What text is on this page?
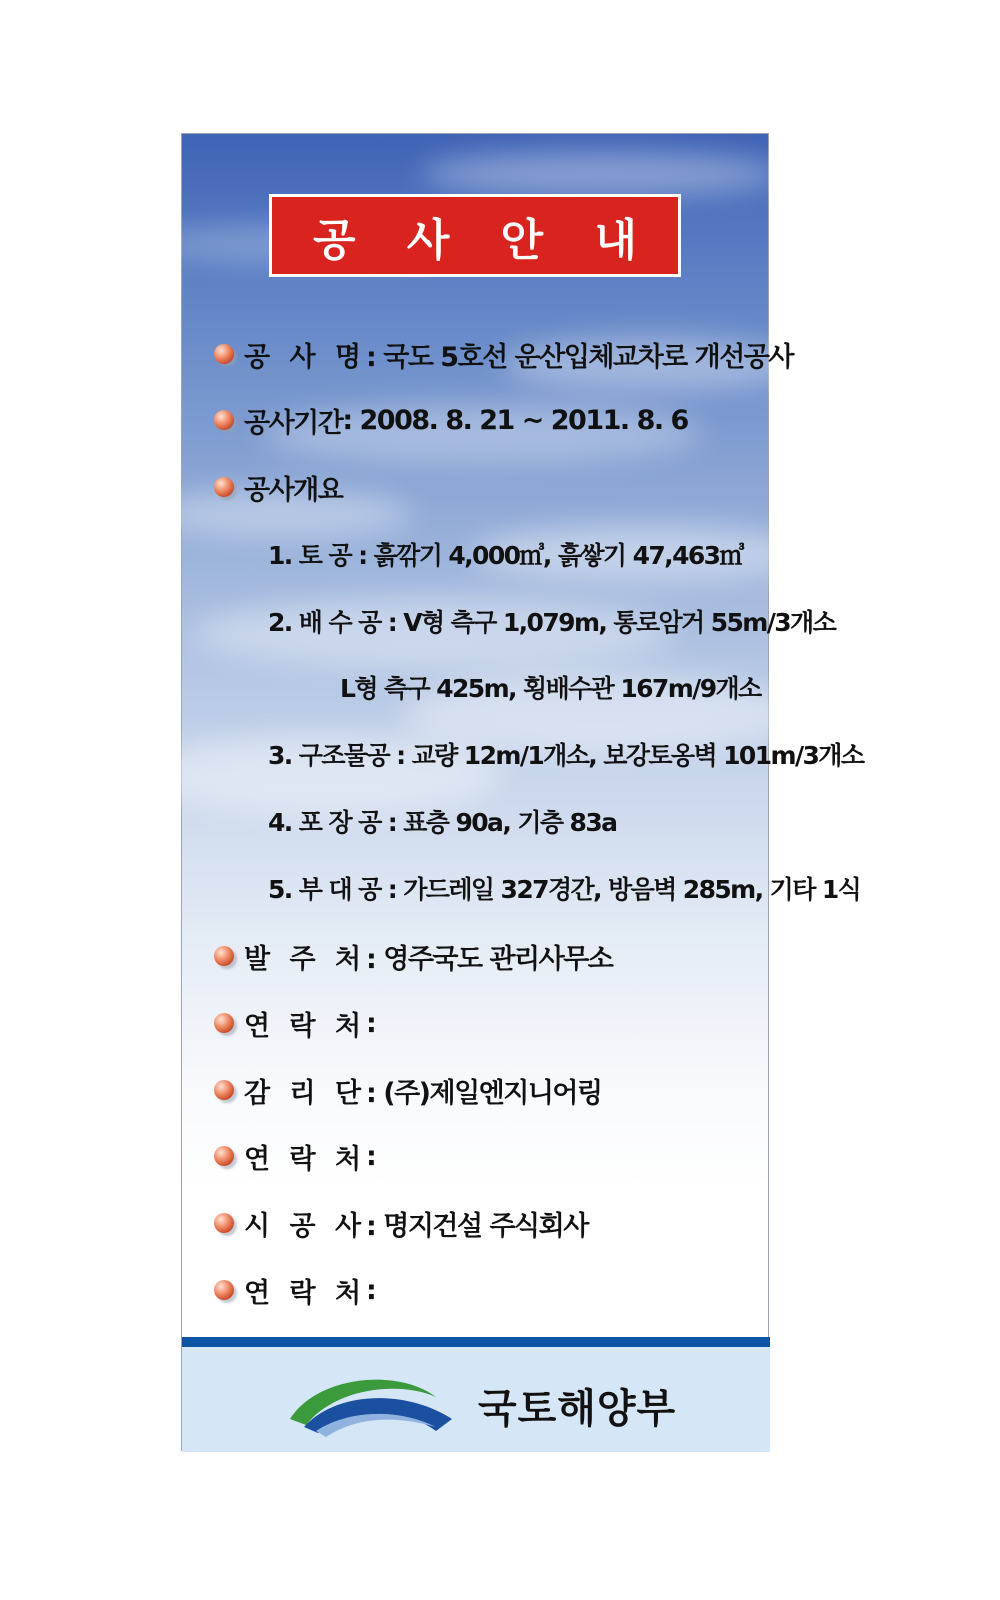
공 사 안 내
공 사 명 : 국도 5호선 운산입체교차로 개선공사
공사기간 : 2008. 8. 21 ~ 2011. 8. 6
공사개요
1. 토 공 : 흙깎기 4,000㎥, 흙쌓기 47,463㎥
2. 배 수 공 : V형 측구 1,079m, 통로암거 55m/3개소
L형 측구 425m, 횡배수관 167m/9개소
3. 구조물공 : 교량 12m/1개소, 보강토옹벽 101m/3개소
4. 포 장 공 : 표층 90a, 기층 83a
5. 부 대 공 : 가드레일 327경간, 방음벽 285m, 기타 1식
발 주 처 : 영주국도 관리사무소
연 락 처 :
감 리 단 : (주)제일엔지니어링
연 락 처 :
시 공 사 : 명지건설 주식회사
연 락 처 :
국토해양부
